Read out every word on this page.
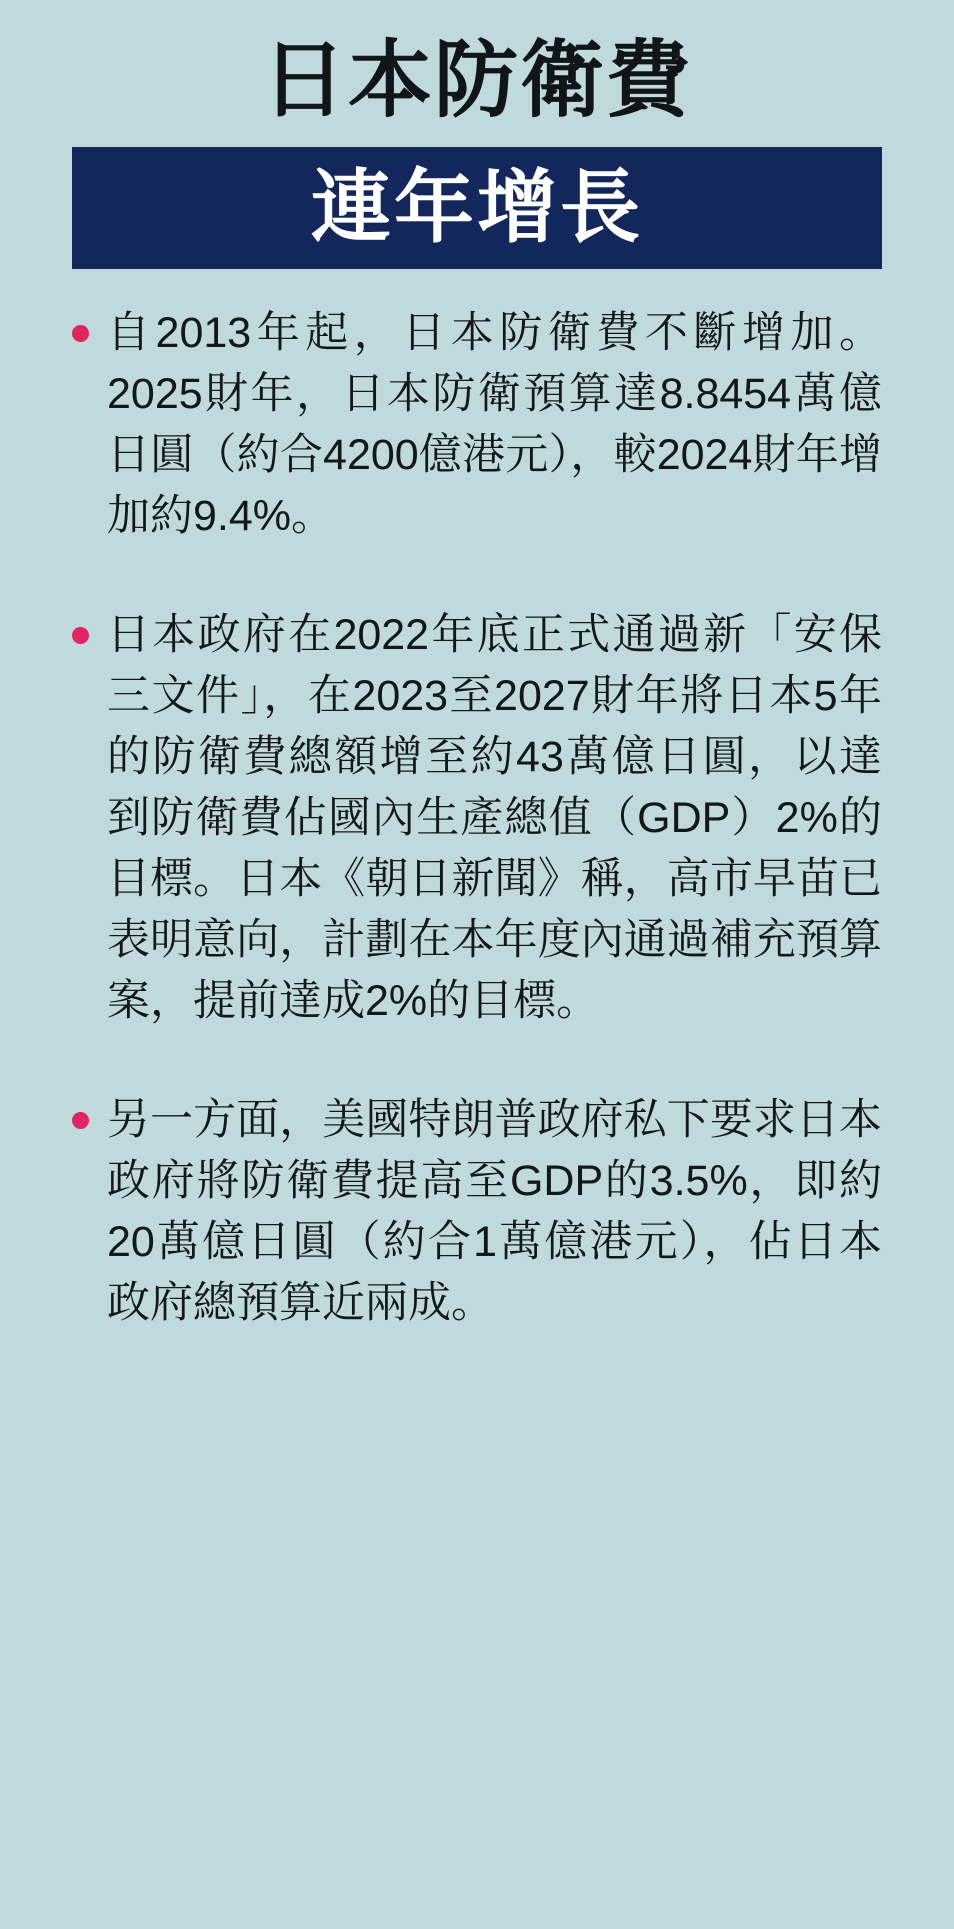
日本防衛費
連年增長
自2013年起，日本防衛費不斷增加。2025財年，日本防衛預算達8.8454萬億日圓（約合4200億港元），較2024財年增加約9.4%。
日本政府在2022年底正式通過新「安保三文件」，在2023至2027財年將日本5年的防衛費總額增至約43萬億日圓，以達到防衛費佔國內生產總值（GDP）2%的目標。日本《朝日新聞》稱，高市早苗已表明意向，計劃在本年度內通過補充預算案，提前達成2%的目標。
另一方面，美國特朗普政府私下要求日本政府將防衛費提高至GDP的3.5%，即約20萬億日圓（約合1萬億港元），佔日本政府總預算近兩成。
